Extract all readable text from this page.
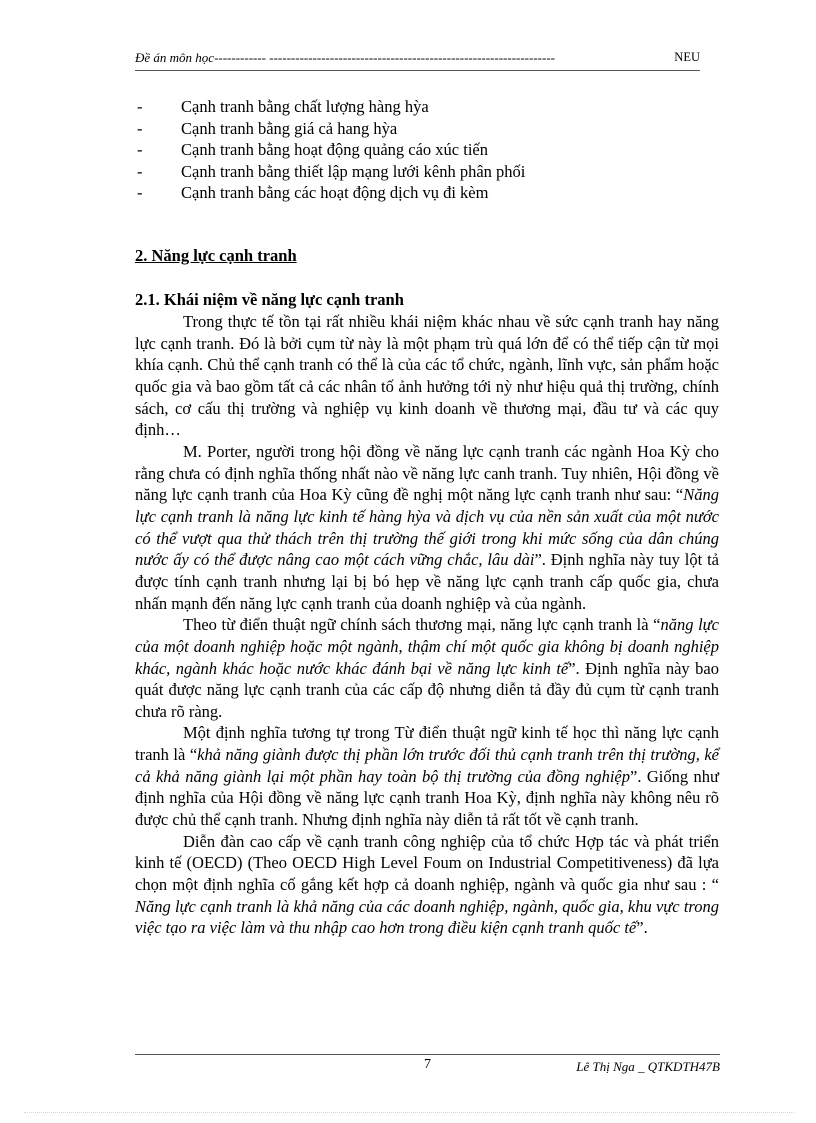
Đề án môn học------------ ------------------------------------------------------------------	NEU
- Cạnh tranh bằng chất lượng hàng hỳa
- Cạnh tranh bằng giá cả hang hỳa
- Cạnh tranh bằng hoạt động quảng cáo xúc tiến
- Cạnh tranh bằng thiết lập mạng lưới kênh phân phối
- Cạnh tranh bằng các hoạt động dịch vụ đi kèm
2. Năng lực cạnh tranh
2.1. Khái niệm về năng lực cạnh tranh

Trong thực tế tồn tại rất nhiều khái niệm khác nhau về sức cạnh tranh hay năng lực cạnh tranh. Đó là bởi cụm từ này là một phạm trù quá lớn để có thể tiếp cận từ mọi khía cạnh. Chủ thể cạnh tranh có thể là của các tổ chức, ngành, lĩnh vực, sản phẩm hoặc quốc gia và bao gồm tất cả các nhân tố ảnh hưởng tới nỳ như hiệu quả thị trường, chính sách, cơ cấu thị trường và nghiệp vụ kinh doanh về thương mại, đầu tư và các quy định…

M. Porter, người trong hội đồng về năng lực cạnh tranh các ngành Hoa Kỳ cho rằng chưa có định nghĩa thống nhất nào về năng lực canh tranh. Tuy nhiên, Hội đồng về năng lực cạnh tranh của Hoa Kỳ cũng đề nghị một năng lực cạnh tranh như sau: “Năng lực cạnh tranh là năng lực kinh tế hàng hỳa và dịch vụ của nền sản xuất của một nước có thể vượt qua thử thách trên thị trường thế giới trong khi mức sống của dân chúng nước ấy có thể được nâng cao một cách vững chắc, lâu dài”. Định nghĩa này tuy lột tả được tính cạnh tranh nhưng lại bị bó hẹp về năng lực cạnh tranh cấp quốc gia, chưa nhấn mạnh đến năng lực cạnh tranh của doanh nghiệp và của ngành.

Theo từ điển thuật ngữ chính sách thương mại, năng lực cạnh tranh là “năng lực của một doanh nghiệp hoặc một ngành, thậm chí một quốc gia không bị doanh nghiệp khác, ngành khác hoặc nước khác đánh bại về năng lực kinh tế”. Định nghĩa này bao quát được năng lực cạnh tranh của các cấp độ nhưng diễn tả đầy đủ cụm từ cạnh tranh chưa rõ ràng.

Một định nghĩa tương tự trong Từ điển thuật ngữ kinh tế học thì năng lực cạnh tranh là “khả năng giành được thị phần lớn trước đối thủ cạnh tranh trên thị trường, kể cả khả năng giành lại một phần hay toàn bộ thị trường của đồng nghiệp”. Giống như định nghĩa của Hội đồng về năng lực cạnh tranh Hoa Kỳ, định nghĩa này không nêu rõ được chủ thể cạnh tranh. Nhưng định nghĩa này diễn tả rất tốt về cạnh tranh.

Diễn đàn cao cấp về cạnh tranh công nghiệp của tổ chức Hợp tác và phát triển kinh tế (OECD) (Theo OECD High Level Foum on Industrial Competitiveness) đã lựa chọn một định nghĩa cố gắng kết hợp cả doanh nghiệp, ngành và quốc gia như sau : “ Năng lực cạnh tranh là khả năng của các doanh nghiệp, ngành, quốc gia, khu vực trong việc tạo ra việc làm và thu nhập cao hơn trong điều kiện cạnh tranh quốc tế”.

7	Lê Thị Nga _ QTKDTH47B
